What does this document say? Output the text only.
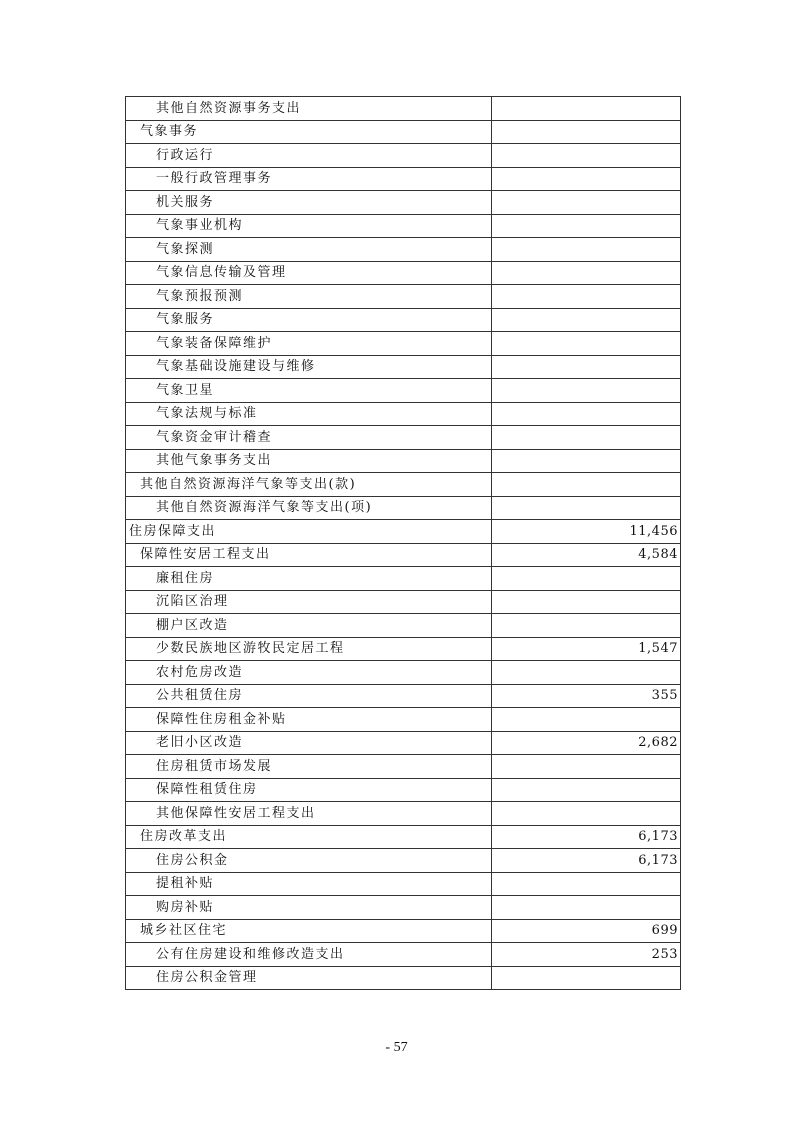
其他自然资源事务支出	
气象事务	
行政运行	
一般行政管理事务	
机关服务	
气象事业机构	
气象探测	
气象信息传输及管理	
气象预报预测	
气象服务	
气象装备保障维护	
气象基础设施建设与维修	
气象卫星	
气象法规与标准	
气象资金审计稽查	
其他气象事务支出	
其他自然资源海洋气象等支出(款)	
其他自然资源海洋气象等支出(项)	
住房保障支出	11,456
保障性安居工程支出	4,584
廉租住房	
沉陷区治理	
棚户区改造	
少数民族地区游牧民定居工程	1,547
农村危房改造	
公共租赁住房	355
保障性住房租金补贴	
老旧小区改造	2,682
住房租赁市场发展	
保障性租赁住房	
其他保障性安居工程支出	
住房改革支出	6,173
住房公积金	6,173
提租补贴	
购房补贴	
城乡社区住宅	699
公有住房建设和维修改造支出	253
住房公积金管理	
- 57
